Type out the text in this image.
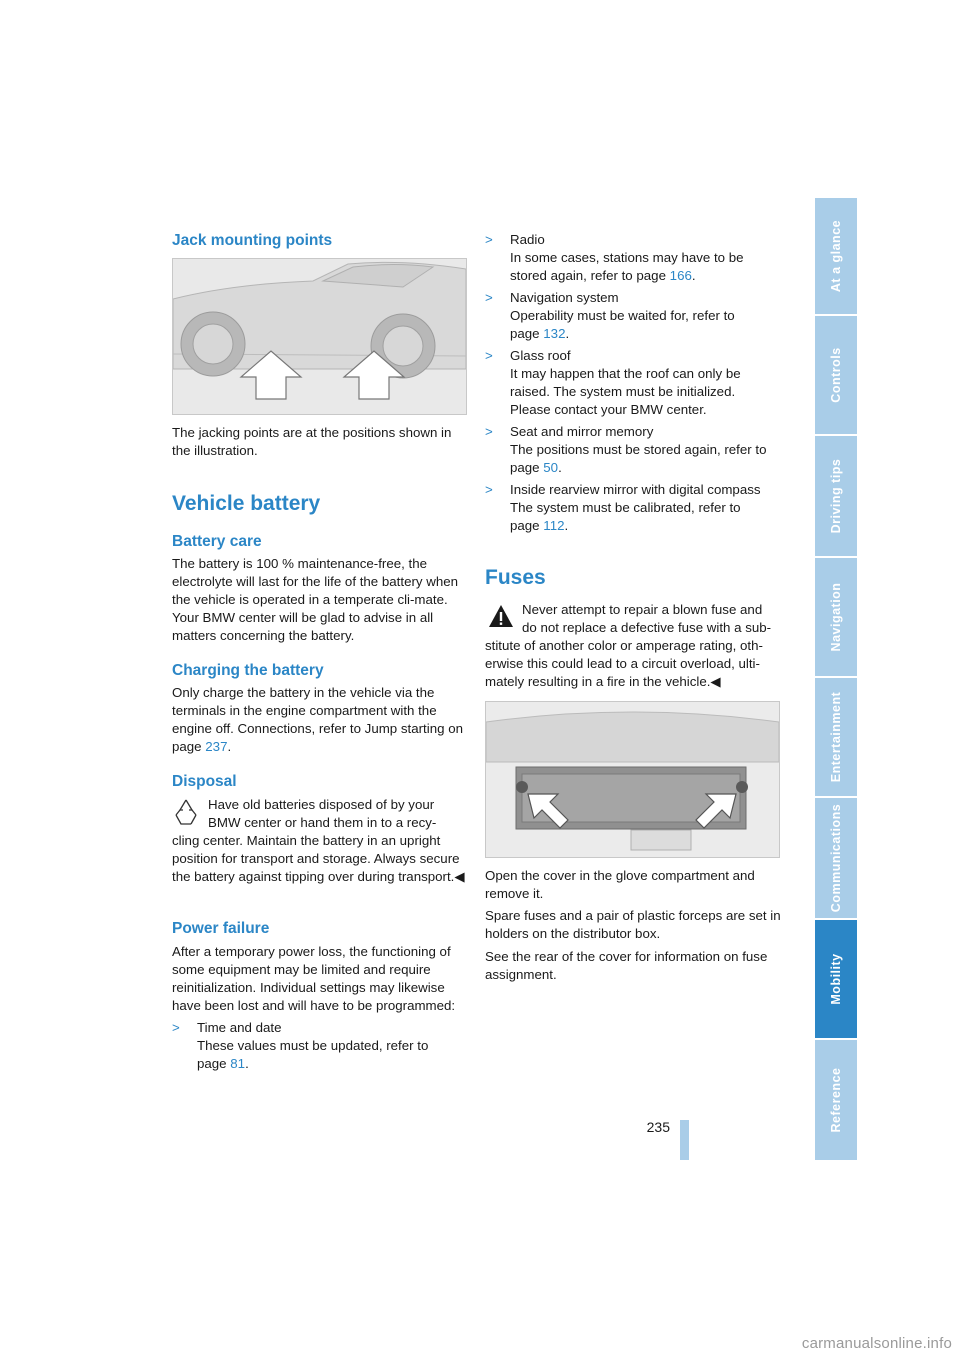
Jack mounting points

The jacking points are at the positions shown in the illustration.

Vehicle battery
Battery care

The battery is 100 % maintenance-free, the electrolyte will last for the life of the battery when the vehicle is operated in a temperate cli-mate. Your BMW center will be glad to advise in all matters concerning the battery.

Charging the battery

Only charge the battery in the vehicle via the terminals in the engine compartment with the engine off. Connections, refer to Jump starting on page 237.

Disposal

Have old batteries disposed of by your

BMW center or hand them in to a recy-

cling center. Maintain the battery in an upright position for transport and storage. Always secure the battery against tipping over during transport.◀

Power failure

After a temporary power loss, the functioning of some equipment may be limited and require reinitialization. Individual settings may likewise have been lost and will have to be programmed:

> Time and date
These values must be updated, refer to
page 81.
> Radio
In some cases, stations may have to be
stored again, refer to page 166.
> Navigation system
Operability must be waited for, refer to
page 132.
> Glass roof
It may happen that the roof can only be
raised. The system must be initialized.
Please contact your BMW center.
> Seat and mirror memory
The positions must be stored again, refer to
page 50.
> Inside rearview mirror with digital compass
The system must be calibrated, refer to
page 112.
Fuses

Never attempt to repair a blown fuse and

do not replace a defective fuse with a sub-

stitute of another color or amperage rating, oth-erwise this could lead to a circuit overload, ulti-mately resulting in a fire in the vehicle.◀

Open the cover in the glove compartment and remove it.

Spare fuses and a pair of plastic forceps are set in holders on the distributor box.

See the rear of the cover for information on fuse assignment.

At a glance
Controls
Driving tips
Navigation
Entertainment
Communications
Mobility
Reference
235
carmanualsonline.info
